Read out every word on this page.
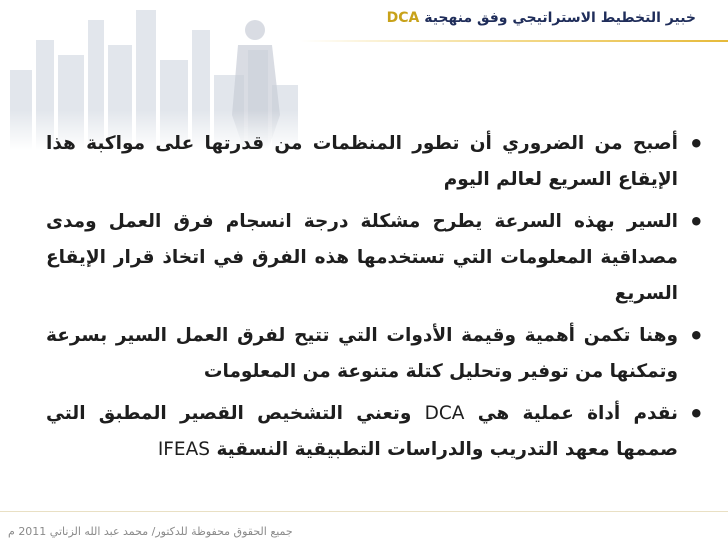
خبير التخطيط الاستراتيجي وفق منهجية DCA

• أصبح من الضروري أن تطور المنظمات من قدرتها على مواكبة هذا الإيقاع السريع لعالم اليوم

• السير بهذه السرعة يطرح مشكلة درجة انسجام فرق العمل ومدى مصداقية المعلومات التي تستخدمها هذه الفرق في اتخاذ قرار الإيقاع السريع

• وهنا تكمن أهمية وقيمة الأدوات التي تتيح لفرق العمل السير بسرعة وتمكنها من توفير وتحليل كتلة متنوعة من المعلومات

• نقدم أداة عملية هي DCA وتعني التشخيص القصير المطبق التي صممها معهد التدريب والدراسات التطبيقية النسقية IFEAS

جميع الحقوق محفوظة للدكتور/ محمد عبد الله الزناتي 2011 م
